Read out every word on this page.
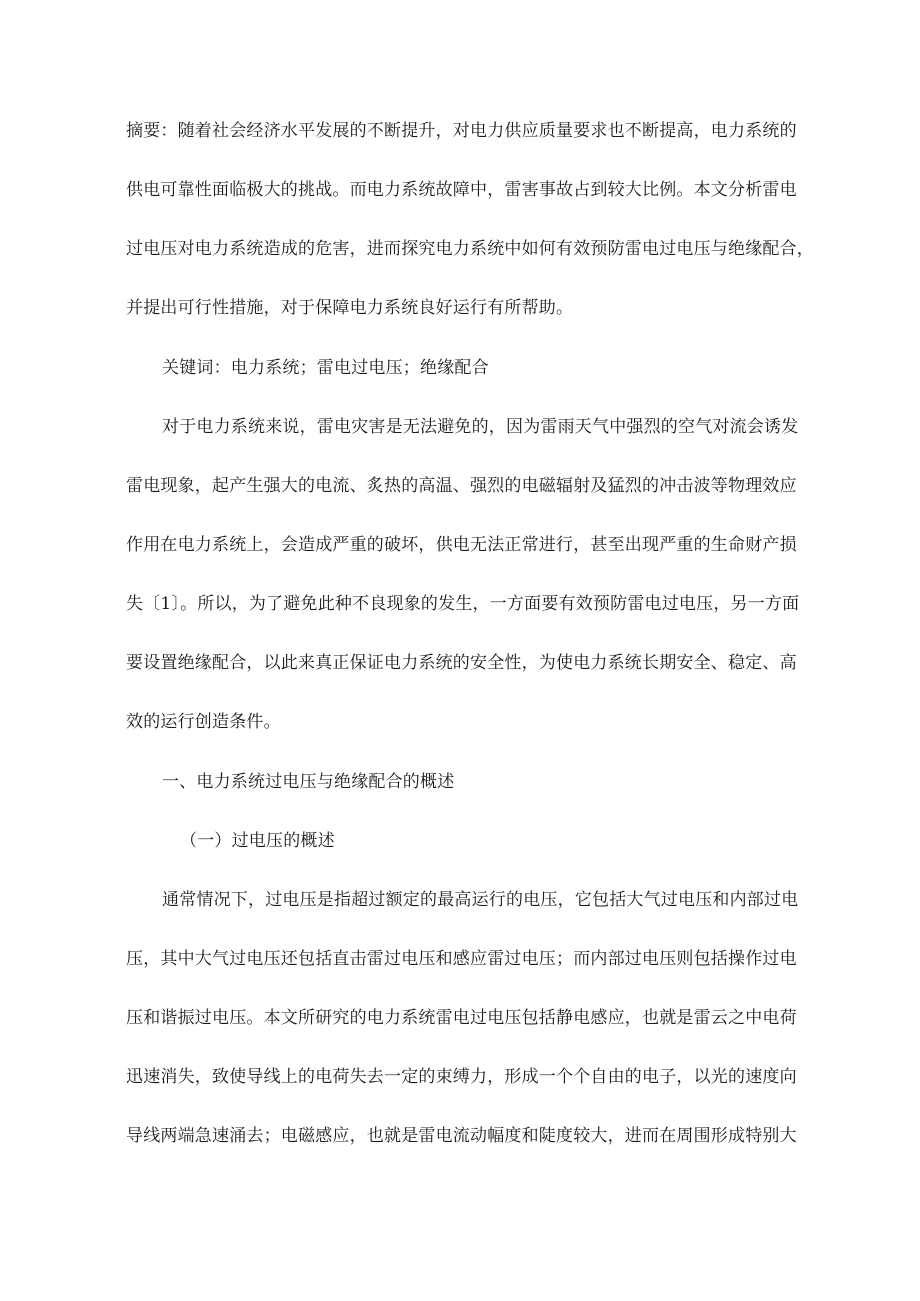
摘要：随着社会经济水平发展的不断提升，对电力供应质量要求也不断提高，电力系统的

供电可靠性面临极大的挑战。而电力系统故障中，雷害事故占到较大比例。本文分析雷电

过电压对电力系统造成的危害，进而探究电力系统中如何有效预防雷电过电压与绝缘配合，

并提出可行性措施，对于保障电力系统良好运行有所帮助。

关键词：电力系统；雷电过电压；绝缘配合

对于电力系统来说，雷电灾害是无法避免的，因为雷雨天气中强烈的空气对流会诱发

雷电现象，起产生强大的电流、炙热的高温、强烈的电磁辐射及猛烈的冲击波等物理效应

作用在电力系统上，会造成严重的破坏，供电无法正常进行，甚至出现严重的生命财产损

失〔1〕。所以，为了避免此种不良现象的发生，一方面要有效预防雷电过电压，另一方面

要设置绝缘配合，以此来真正保证电力系统的安全性，为使电力系统长期安全、稳定、高

效的运行创造条件。

一、电力系统过电压与绝缘配合的概述
（一）过电压的概述

通常情况下，过电压是指超过额定的最高运行的电压，它包括大气过电压和内部过电

压，其中大气过电压还包括直击雷过电压和感应雷过电压；而内部过电压则包括操作过电

压和谐振过电压。本文所研究的电力系统雷电过电压包括静电感应，也就是雷云之中电荷

迅速消失，致使导线上的电荷失去一定的束缚力，形成一个个自由的电子，以光的速度向

导线两端急速涌去；电磁感应，也就是雷电流动幅度和陡度较大，进而在周围形成特别大
